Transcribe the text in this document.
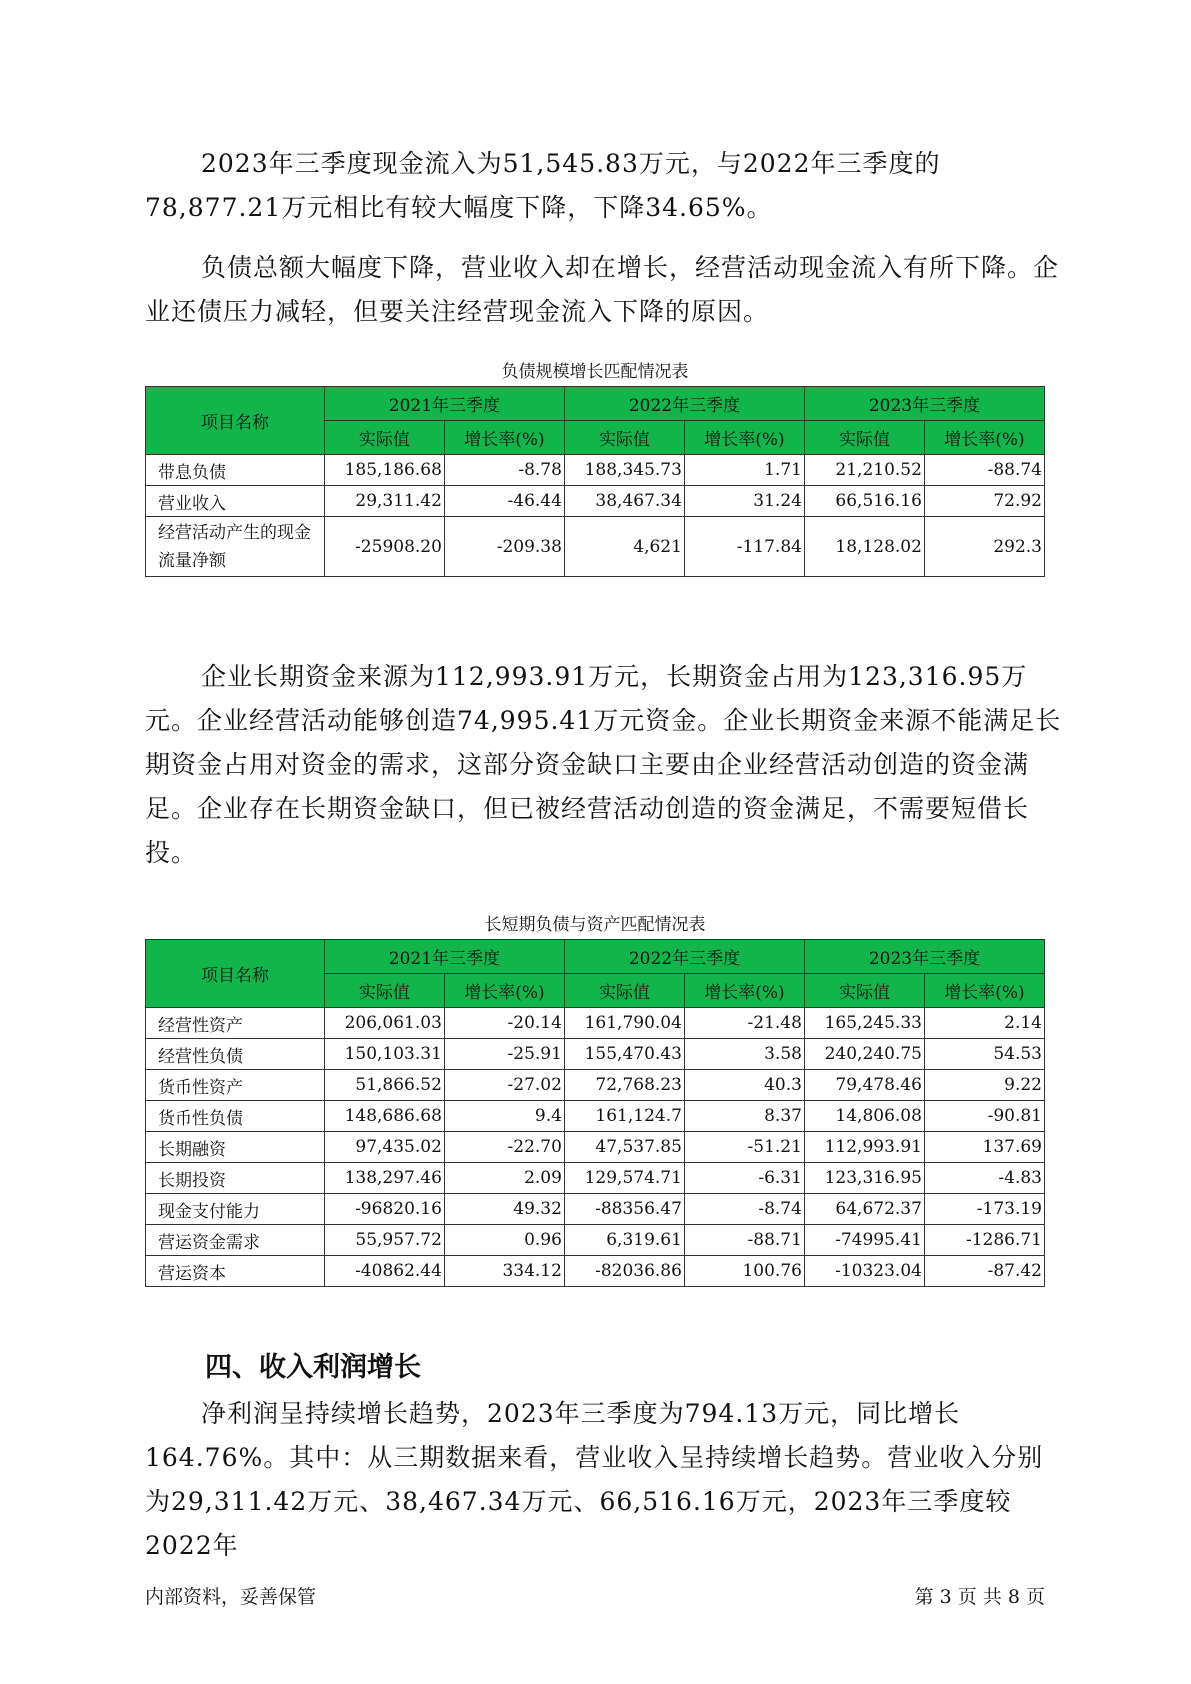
2023年三季度现金流入为51,545.83万元，与2022年三季度的78,877.21万元相比有较大幅度下降，下降34.65%。

负债总额大幅度下降，营业收入却在增长，经营活动现金流入有所下降。企业还债压力减轻，但要关注经营现金流入下降的原因。

负债规模增长匹配情况表

项目名称	2021年三季度		2022年三季度		2023年三季度	
	实际值	增长率(%)	实际值	增长率(%)	实际值	增长率(%)
带息负债	185,186.68	-8.78	188,345.73	1.71	21,210.52	-88.74
营业收入	29,311.42	-46.44	38,467.34	31.24	66,516.16	72.92
经营活动产生的现金流量净额	-25908.20	-209.38	4,621	-117.84	18,128.02	292.3

企业长期资金来源为112,993.91万元，长期资金占用为123,316.95万元。企业经营活动能够创造74,995.41万元资金。企业长期资金来源不能满足长期资金占用对资金的需求，这部分资金缺口主要由企业经营活动创造的资金满足。企业存在长期资金缺口，但已被经营活动创造的资金满足，不需要短借长投。

长短期负债与资产匹配情况表

项目名称	2021年三季度		2022年三季度		2023年三季度	
	实际值	增长率(%)	实际值	增长率(%)	实际值	增长率(%)
经营性资产	206,061.03	-20.14	161,790.04	-21.48	165,245.33	2.14
经营性负债	150,103.31	-25.91	155,470.43	3.58	240,240.75	54.53
货币性资产	51,866.52	-27.02	72,768.23	40.3	79,478.46	9.22
货币性负债	148,686.68	9.4	161,124.7	8.37	14,806.08	-90.81
长期融资	97,435.02	-22.70	47,537.85	-51.21	112,993.91	137.69
长期投资	138,297.46	2.09	129,574.71	-6.31	123,316.95	-4.83
现金支付能力	-96820.16	49.32	-88356.47	-8.74	64,672.37	-173.19
营运资金需求	55,957.72	0.96	6,319.61	-88.71	-74995.41	-1286.71
营运资本	-40862.44	334.12	-82036.86	100.76	-10323.04	-87.42
四、收入利润增长

净利润呈持续增长趋势，2023年三季度为794.13万元，同比增长164.76%。其中：从三期数据来看，营业收入呈持续增长趋势。营业收入分别为29,311.42万元、38,467.34万元、66,516.16万元，2023年三季度较2022年

内部资料，妥善保管	第 3 页 共 8 页
